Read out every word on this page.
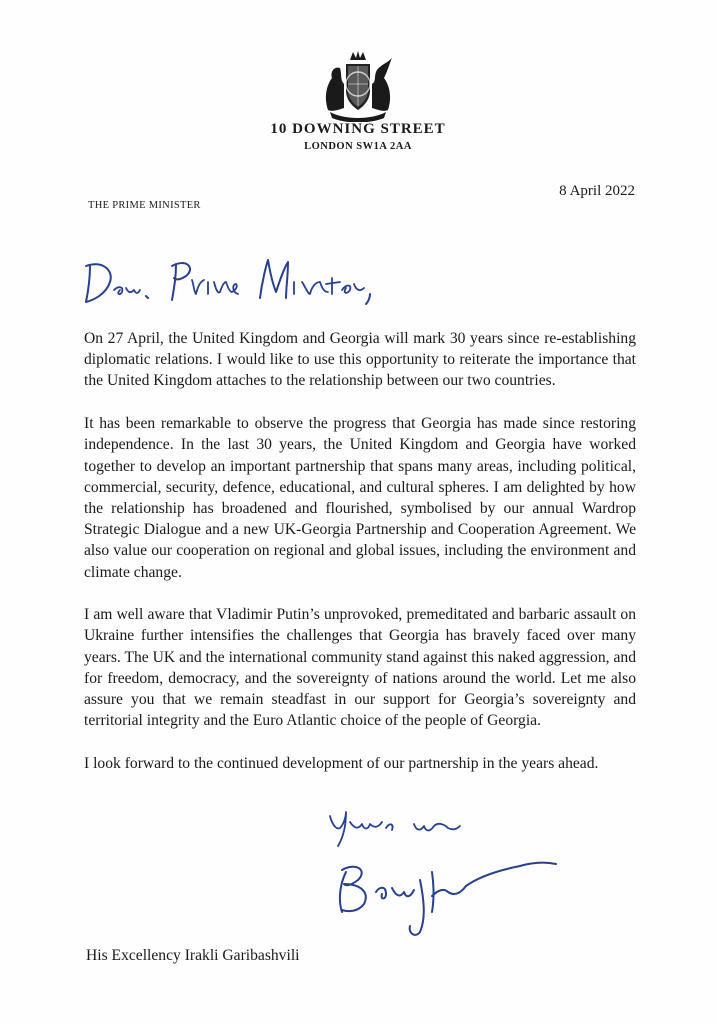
10 DOWNING STREET
LONDON SW1A 2AA
8 April 2022
THE PRIME MINISTER

On 27 April, the United Kingdom and Georgia will mark 30 years since re-establishing diplomatic relations. I would like to use this opportunity to reiterate the importance that the United Kingdom attaches to the relationship between our two countries.

It has been remarkable to observe the progress that Georgia has made since restoring independence. In the last 30 years, the United Kingdom and Georgia have worked together to develop an important partnership that spans many areas, including political, commercial, security, defence, educational, and cultural spheres. I am delighted by how the relationship has broadened and flourished, symbolised by our annual Wardrop Strategic Dialogue and a new UK-Georgia Partnership and Cooperation Agreement. We also value our cooperation on regional and global issues, including the environment and climate change.

I am well aware that Vladimir Putin’s unprovoked, premeditated and barbaric assault on Ukraine further intensifies the challenges that Georgia has bravely faced over many years. The UK and the international community stand against this naked aggression, and for freedom, democracy, and the sovereignty of nations around the world. Let me also assure you that we remain steadfast in our support for Georgia’s sovereignty and territorial integrity and the Euro Atlantic choice of the people of Georgia.

I look forward to the continued development of our partnership in the years ahead.

His Excellency Irakli Garibashvili
